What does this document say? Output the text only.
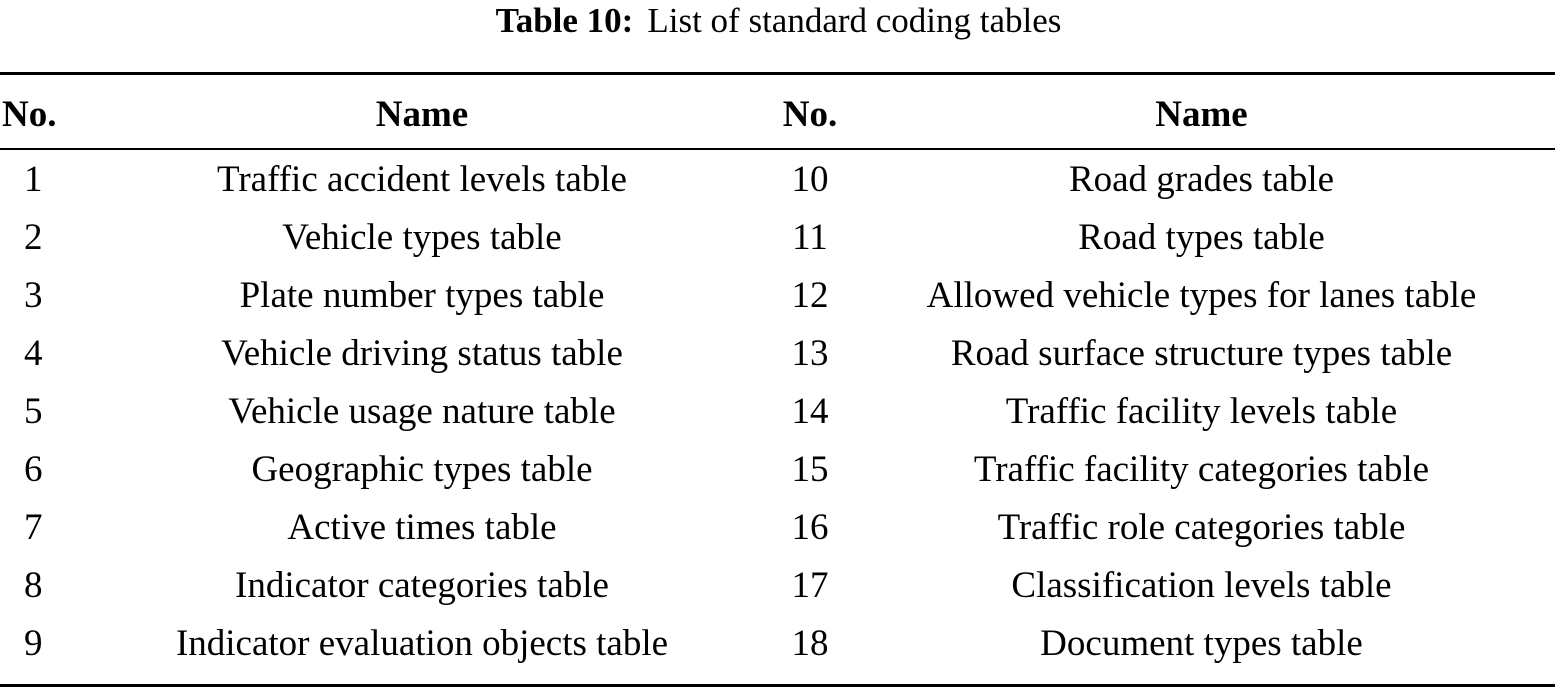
Table 10: List of standard coding tables
No.	Name	No.	Name

1	Traffic accident levels table	10	Road grades table
2	Vehicle types table	11	Road types table
3	Plate number types table	12	Allowed vehicle types for lanes table
4	Vehicle driving status table	13	Road surface structure types table
5	Vehicle usage nature table	14	Traffic facility levels table
6	Geographic types table	15	Traffic facility categories table
7	Active times table	16	Traffic role categories table
8	Indicator categories table	17	Classification levels table
9	Indicator evaluation objects table	18	Document types table
